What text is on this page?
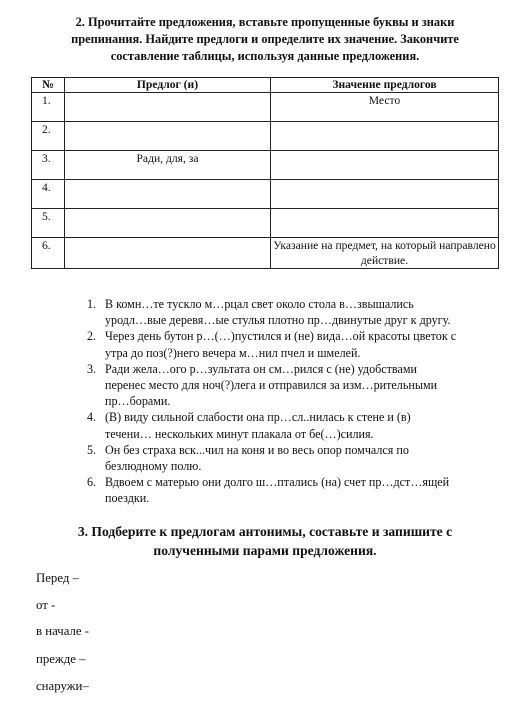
2. Прочитайте предложения, вставьте пропущенные буквы и знаки
препинания. Найдите предлоги и определите их значение. Закончите
составление таблицы, используя данные предложения.
№	Предлог (и)	Значение предлогов
1.		Место
2.		
3.	Ради, для, за	
4.		
5.		
6.		Указание на предмет, на который направлено действие.
1. В комн…те тускло м…рцал свет около стола в…звышались
уродл…вые деревя…ые стулья плотно пр…двинутые друг к другу.
2. Через день бутон р…(…)пустился и (не) вида…ой красоты цветок с
утра до поз(?)него вечера м…нил пчел и шмелей.
3. Ради жела…ого р…зультата он см…рился с (не) удобствами
перенес место для ноч(?)лега и отправился за изм…рительными
пр…борами.
4. (В) виду сильной слабости она пр…сл..нилась к стене и (в)
течени… нескольких минут плакала от бе(…)силия.
5. Он без страха вск...чил на коня и во весь опор помчался по
безлюдному полю.
6. Вдвоем с матерью они долго ш…птались (на) счет пр…дст…ящей
поездки.
3. Подберите к предлогам антонимы, составьте и запишите с
полученными парами предложения.
Перед –
от -
в начале -
прежде –
снаружи–
